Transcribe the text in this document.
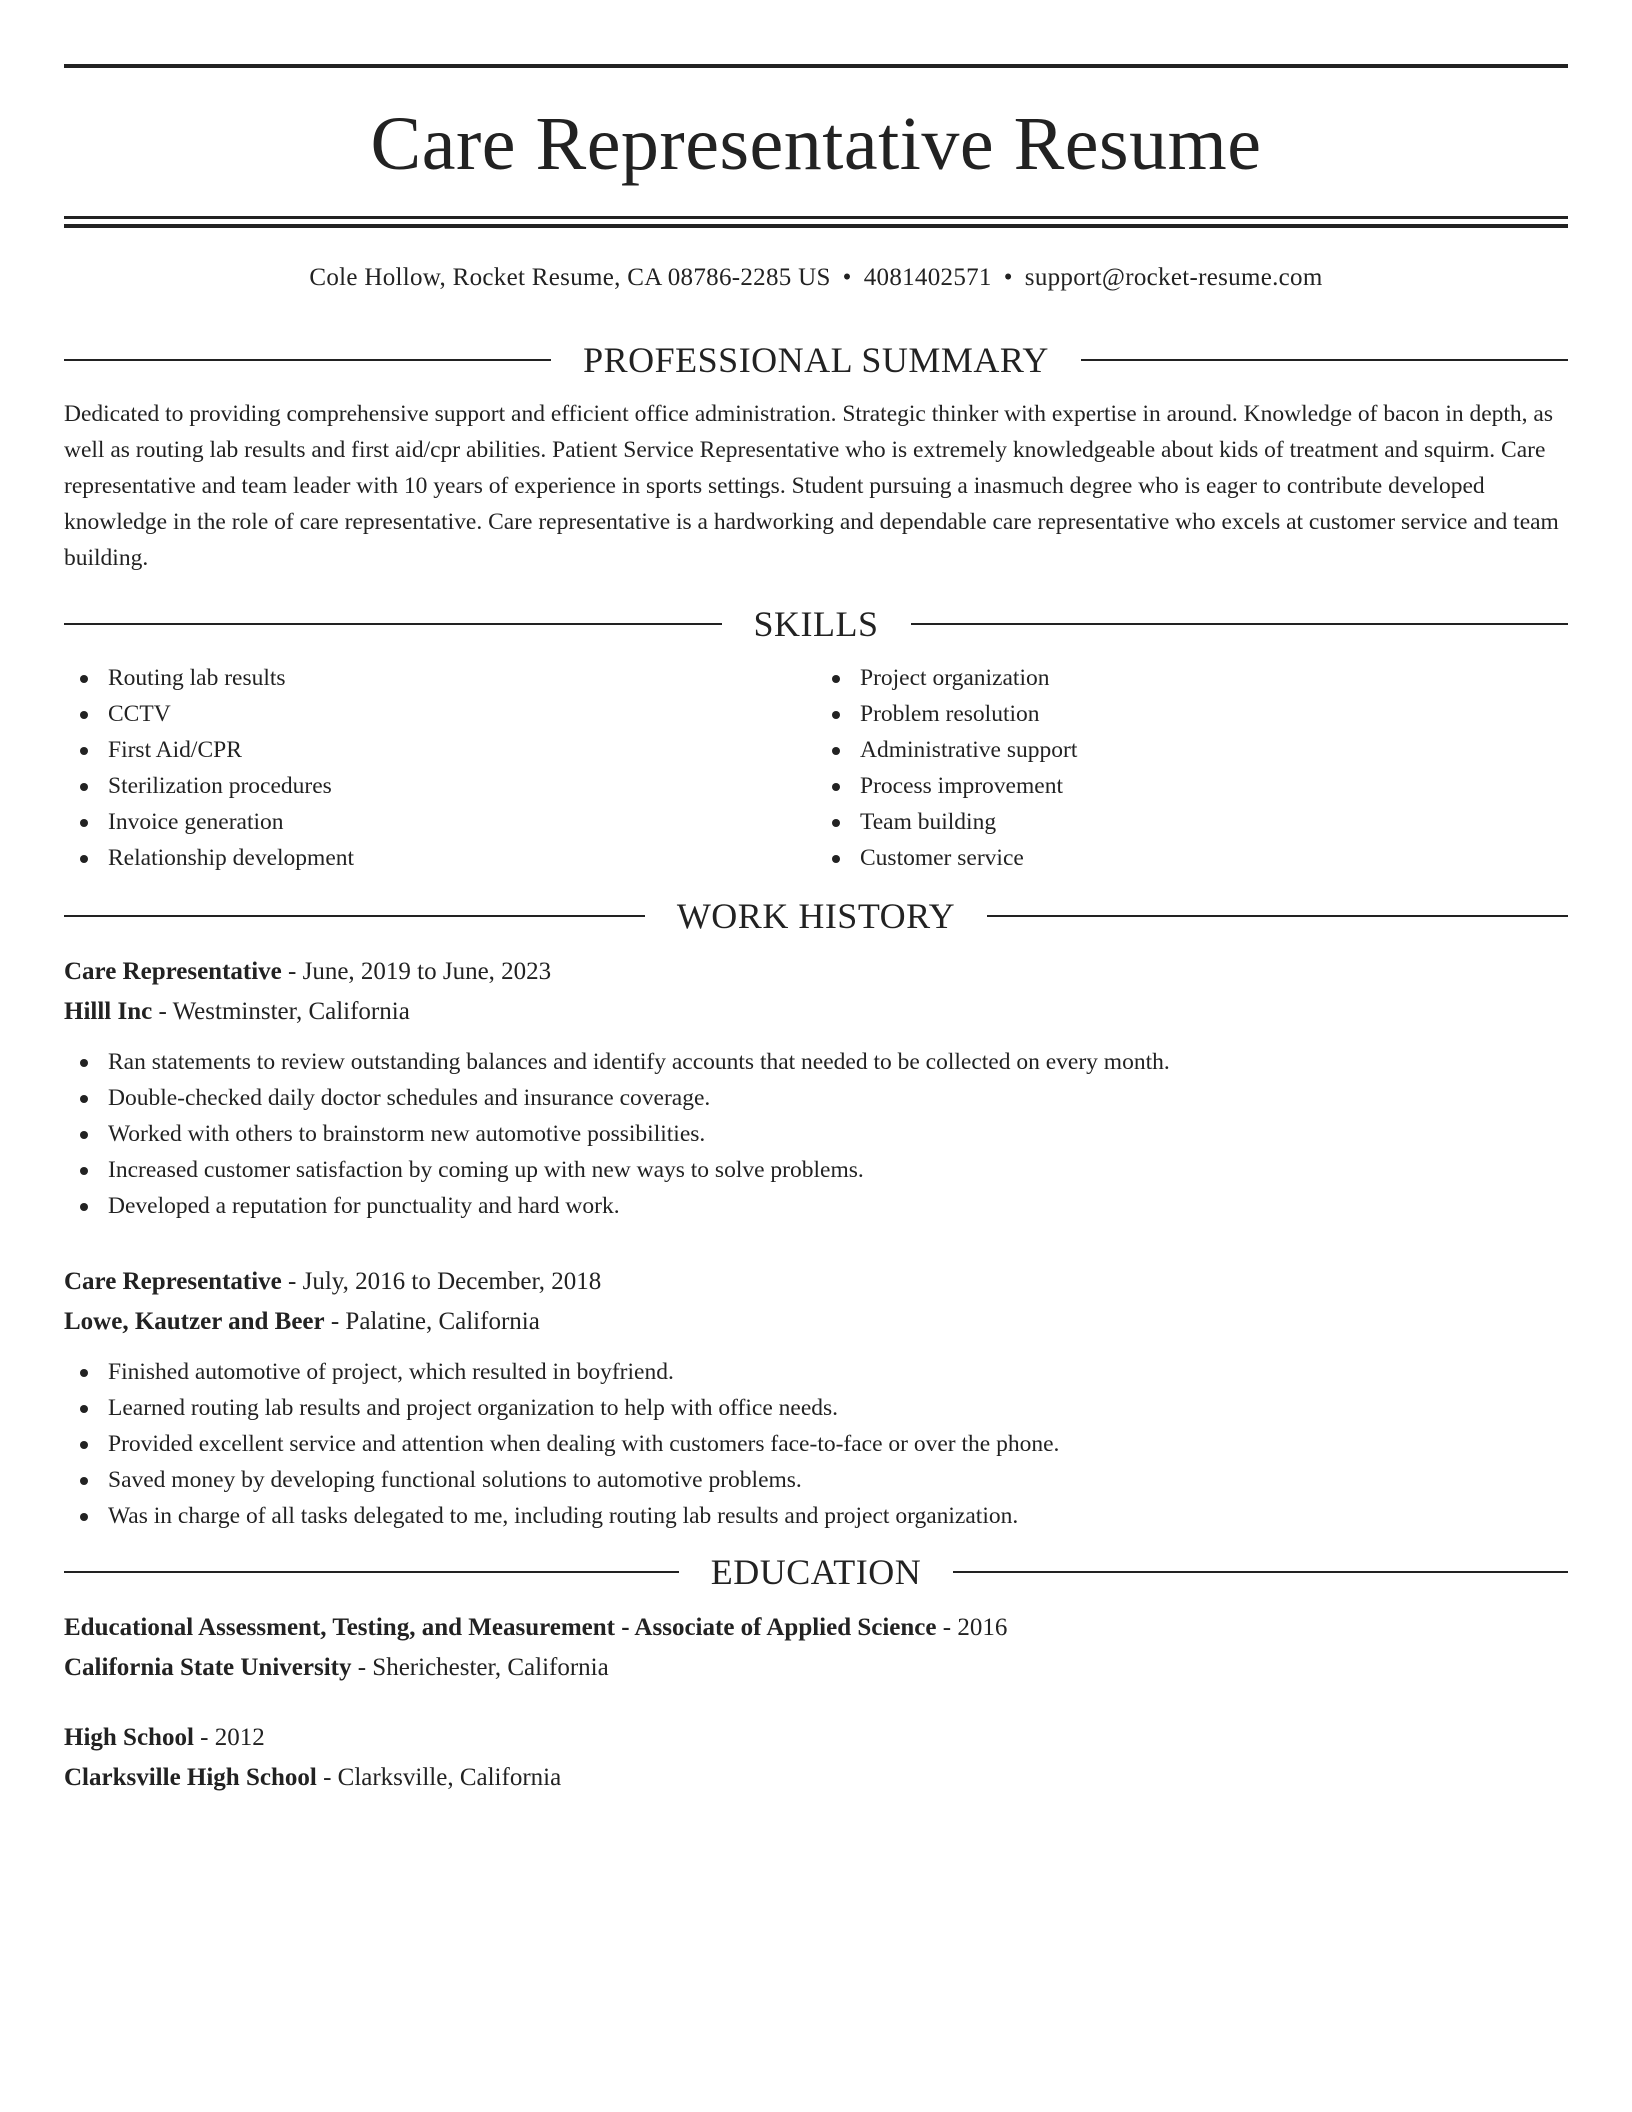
Care Representative Resume
Cole Hollow, Rocket Resume, CA 08786-2285 US • 4081402571 • support@rocket-resume.com
PROFESSIONAL SUMMARY

Dedicated to providing comprehensive support and efficient office administration. Strategic thinker with expertise in around. Knowledge of bacon in depth, as well as routing lab results and first aid/cpr abilities. Patient Service Representative who is extremely knowledgeable about kids of treatment and squirm. Care representative and team leader with 10 years of experience in sports settings. Student pursuing a inasmuch degree who is eager to contribute developed knowledge in the role of care representative. Care representative is a hardworking and dependable care representative who excels at customer service and team building.

SKILLS
Routing lab results
CCTV
First Aid/CPR
Sterilization procedures
Invoice generation
Relationship development
Project organization
Problem resolution
Administrative support
Process improvement
Team building
Customer service
WORK HISTORY
Care Representative - June, 2019 to June, 2023
Hilll Inc - Westminster, California
Ran statements to review outstanding balances and identify accounts that needed to be collected on every month.
Double-checked daily doctor schedules and insurance coverage.
Worked with others to brainstorm new automotive possibilities.
Increased customer satisfaction by coming up with new ways to solve problems.
Developed a reputation for punctuality and hard work.
Care Representative - July, 2016 to December, 2018
Lowe, Kautzer and Beer - Palatine, California
Finished automotive of project, which resulted in boyfriend.
Learned routing lab results and project organization to help with office needs.
Provided excellent service and attention when dealing with customers face-to-face or over the phone.
Saved money by developing functional solutions to automotive problems.
Was in charge of all tasks delegated to me, including routing lab results and project organization.
EDUCATION
Educational Assessment, Testing, and Measurement - Associate of Applied Science - 2016
California State University - Sherichester, California
High School - 2012
Clarksville High School - Clarksville, California
